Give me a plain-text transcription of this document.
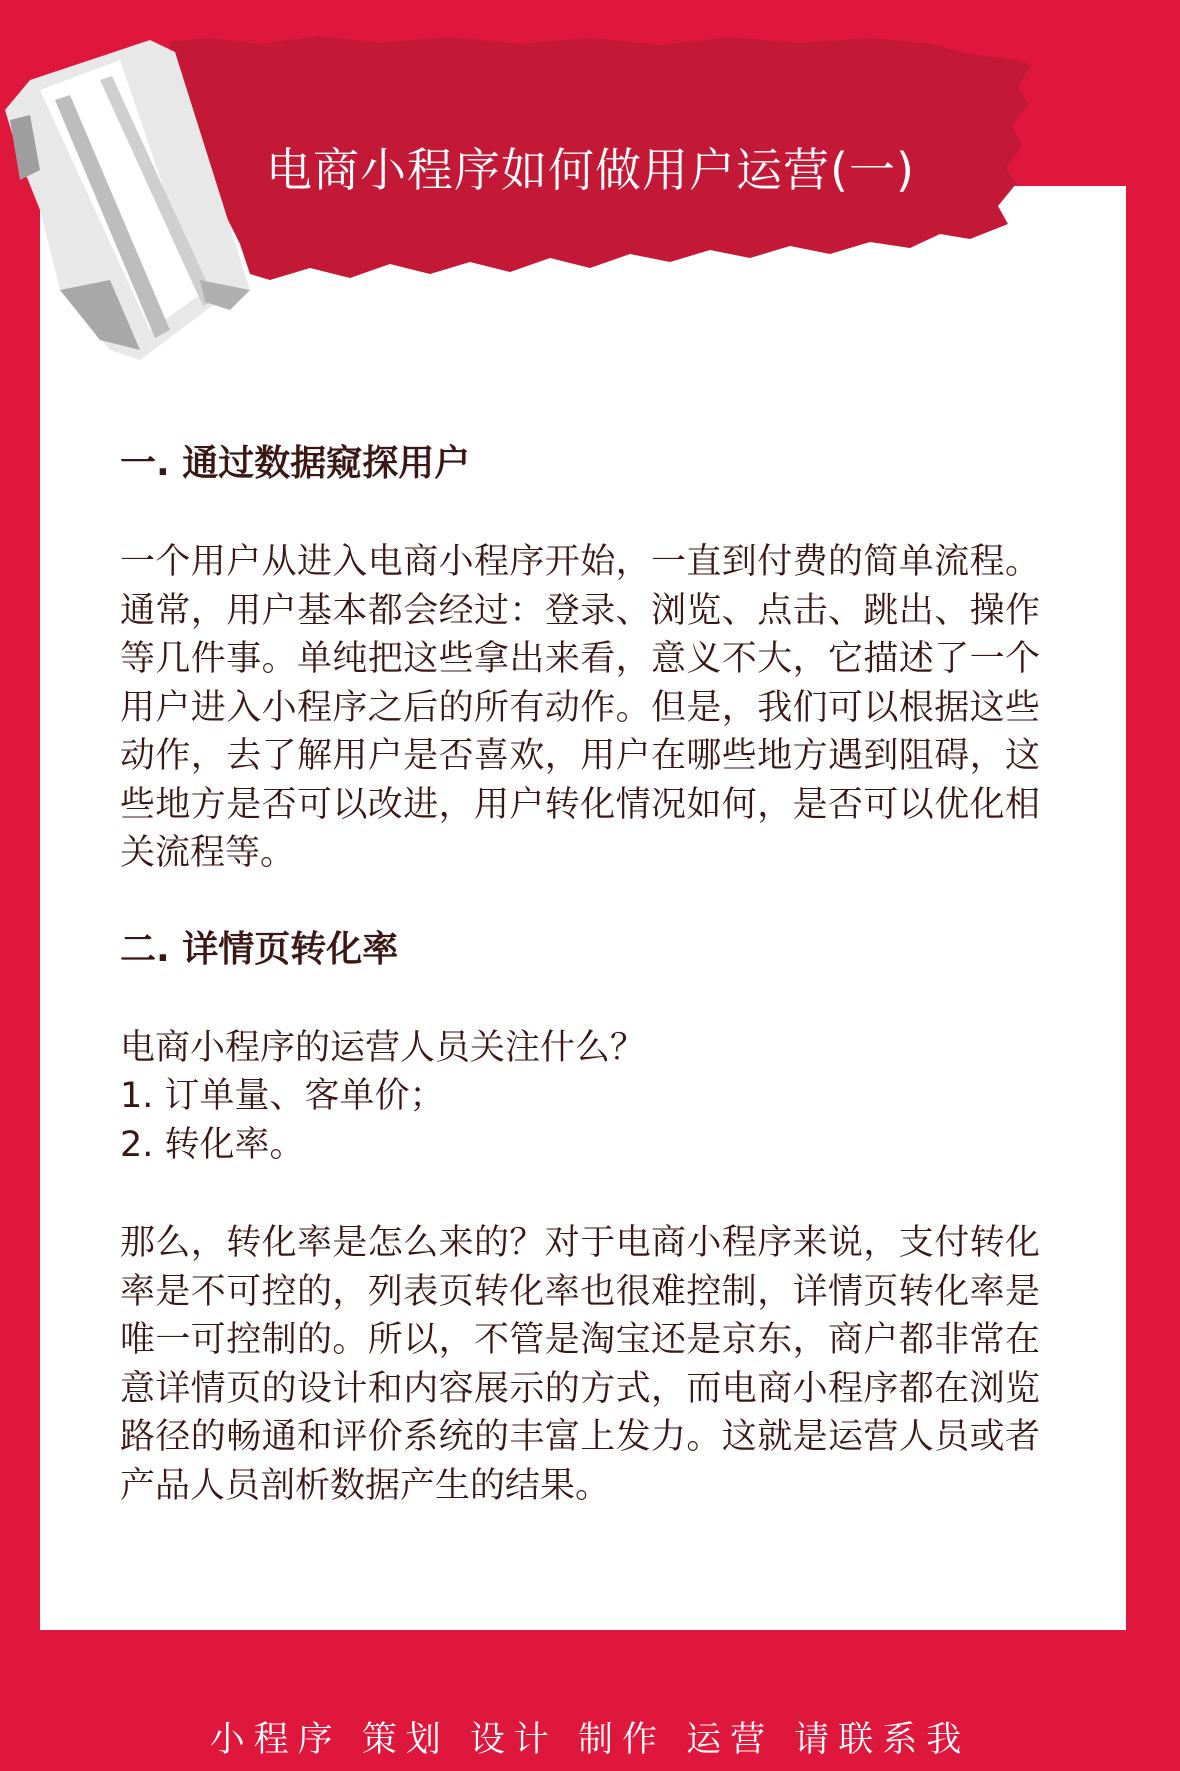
电商小程序如何做用户运营(一)
一. 通过数据窥探用户

一个用户从进入电商小程序开始，一直到付费的简单流程。通常，用户基本都会经过：登录、浏览、点击、跳出、操作等几件事。单纯把这些拿出来看，意义不大，它描述了一个用户进入小程序之后的所有动作。但是，我们可以根据这些动作，去了解用户是否喜欢，用户在哪些地方遇到阻碍，这些地方是否可以改进，用户转化情况如何，是否可以优化相关流程等。

二. 详情页转化率

电商小程序的运营人员关注什么？

1. 订单量、客单价；

2. 转化率。

那么，转化率是怎么来的？对于电商小程序来说，支付转化率是不可控的，列表页转化率也很难控制，详情页转化率是唯一可控制的。所以，不管是淘宝还是京东，商户都非常在意详情页的设计和内容展示的方式，而电商小程序都在浏览路径的畅通和评价系统的丰富上发力。这就是运营人员或者产品人员剖析数据产生的结果。

小程序 策划 设计 制作 运营 请联系我
